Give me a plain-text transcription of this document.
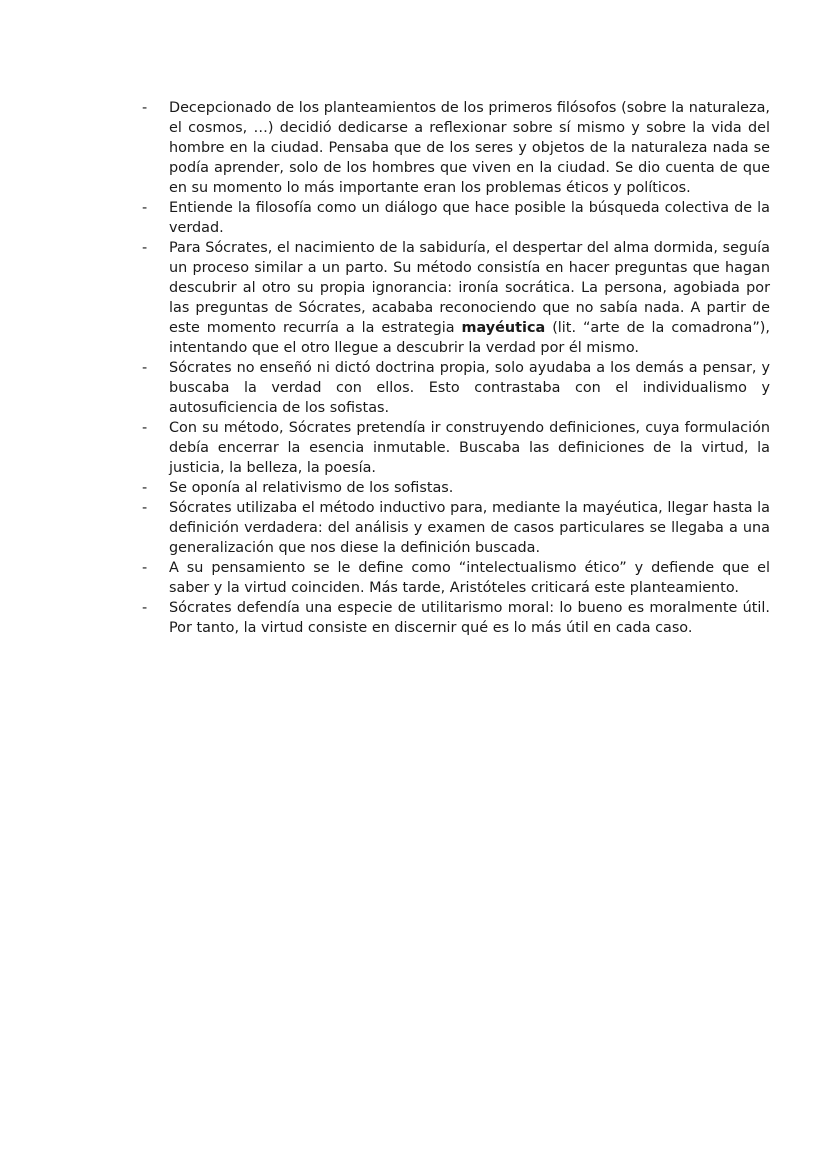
-	Decepcionado de los planteamientos de los primeros filósofos (sobre la naturaleza, el cosmos, …) decidió dedicarse a reflexionar sobre sí mismo y sobre la vida del hombre en la ciudad. Pensaba que de los seres y objetos de la naturaleza nada se podía aprender, solo de los hombres que viven en la ciudad. Se dio cuenta de que en su momento lo más importante eran los problemas éticos y políticos.
-	Entiende la filosofía como un diálogo que hace posible la búsqueda colectiva de la verdad.
-	Para Sócrates, el nacimiento de la sabiduría, el despertar del alma dormida, seguía un proceso similar a un parto. Su método consistía en hacer preguntas que hagan descubrir al otro su propia ignorancia: ironía socrática. La persona, agobiada por las preguntas de Sócrates, acababa reconociendo que no sabía nada. A partir de este momento recurría a la estrategia mayéutica (lit. “arte de la comadrona”), intentando que el otro llegue a descubrir la verdad por él mismo.
-	Sócrates no enseñó ni dictó doctrina propia, solo ayudaba a los demás a pensar, y buscaba la verdad con ellos. Esto contrastaba con el individualismo y autosuficiencia de los sofistas.
-	Con su método, Sócrates pretendía ir construyendo definiciones, cuya formulación debía encerrar la esencia inmutable. Buscaba las definiciones de la virtud, la justicia, la belleza, la poesía.
-	Se oponía al relativismo de los sofistas.
-	Sócrates utilizaba el método inductivo para, mediante la mayéutica, llegar hasta la definición verdadera: del análisis y examen de casos particulares se llegaba a una generalización que nos diese la definición buscada.
-	A su pensamiento se le define como “intelectualismo ético” y defiende que el saber y la virtud coinciden. Más tarde, Aristóteles criticará este planteamiento.
-	Sócrates defendía una especie de utilitarismo moral: lo bueno es moralmente útil. Por tanto, la virtud consiste en discernir qué es lo más útil en cada caso.
